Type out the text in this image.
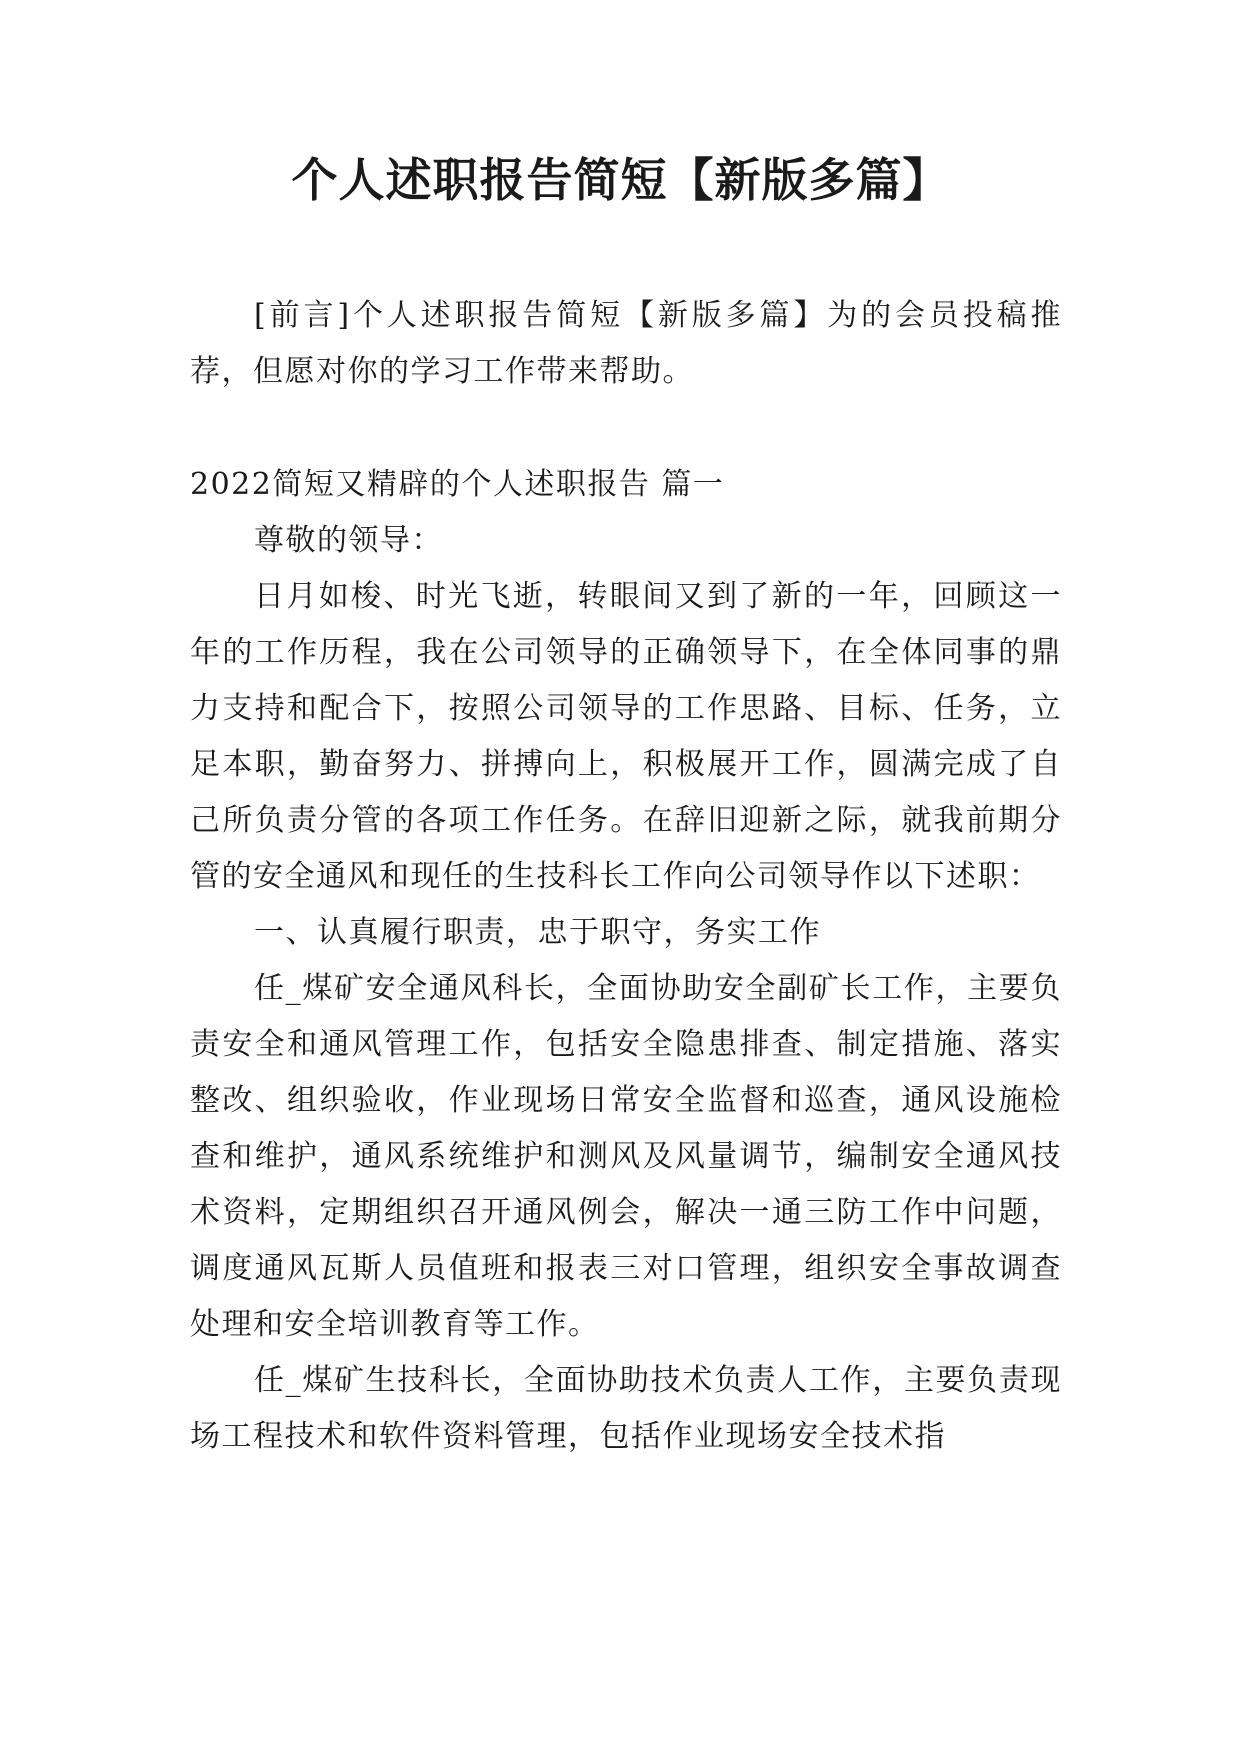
个人述职报告简短【新版多篇】

[前言]个人述职报告简短【新版多篇】为的会员投稿推荐，但愿对你的学习工作带来帮助。

2022简短又精辟的个人述职报告 篇一

尊敬的领导：

日月如梭、时光飞逝，转眼间又到了新的一年，回顾这一年的工作历程，我在公司领导的正确领导下，在全体同事的鼎力支持和配合下，按照公司领导的工作思路、目标、任务，立足本职，勤奋努力、拼搏向上，积极展开工作，圆满完成了自己所负责分管的各项工作任务。在辞旧迎新之际，就我前期分管的安全通风和现任的生技科长工作向公司领导作以下述职：

一、认真履行职责，忠于职守，务实工作

任_煤矿安全通风科长，全面协助安全副矿长工作，主要负责安全和通风管理工作，包括安全隐患排查、制定措施、落实整改、组织验收，作业现场日常安全监督和巡查，通风设施检查和维护，通风系统维护和测风及风量调节，编制安全通风技术资料，定期组织召开通风例会，解决一通三防工作中问题，调度通风瓦斯人员值班和报表三对口管理，组织安全事故调查处理和安全培训教育等工作。

任_煤矿生技科长，全面协助技术负责人工作，主要负责现场工程技术和软件资料管理，包括作业现场安全技术指
